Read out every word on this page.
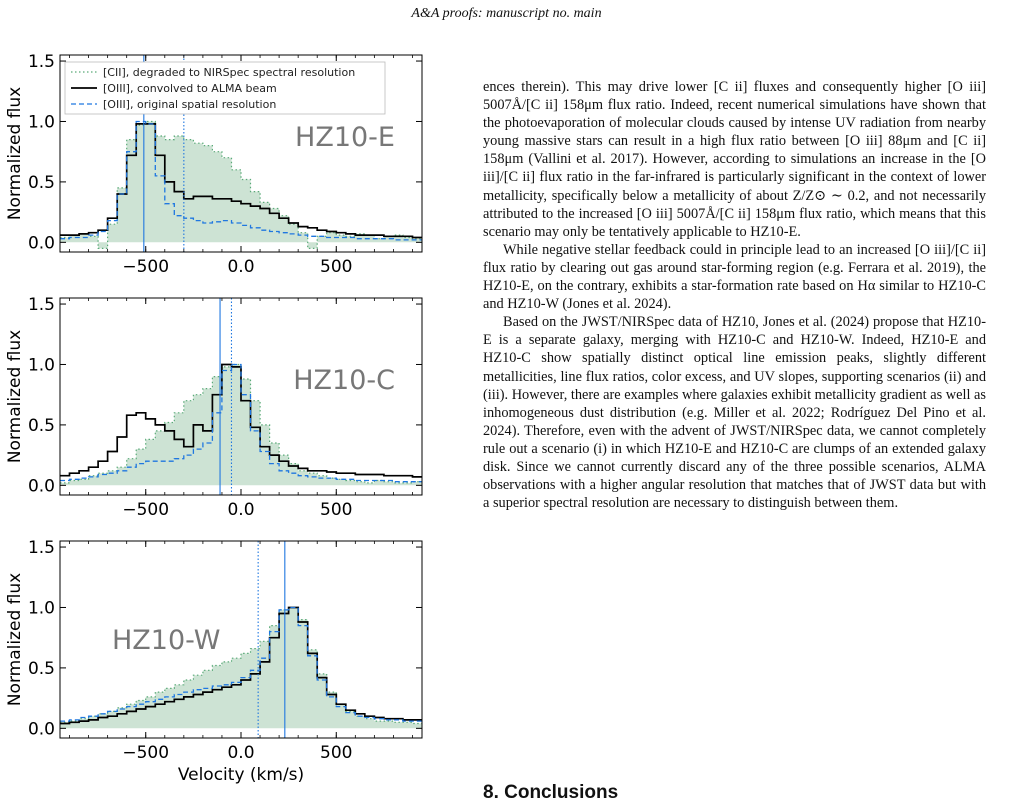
A&A proofs: manuscript no. main
0.0
0.5
1.0
1.5
−500	0.0	500
Normalized flux	HZ10-E
0.0
0.5
1.0
1.5
−500	0.0	500
Normalized flux	HZ10-C
0.0
0.5
1.0
1.5
−500	0.0	500
Normalized flux	HZ10-W
Velocity (km/s)
[CII], degraded to NIRSpec spectral resolution
[OIII], convolved to ALMA beam
[OIII], original spatial resolution

ences therein). This may drive lower [C ii] fluxes and consequently higher [O iii] 5007Å/[C ii] 158μm flux ratio. Indeed, recent numerical simulations have shown that the photoevaporation of molecular clouds caused by intense UV radiation from nearby young massive stars can result in a high flux ratio between [O iii] 88μm and [C ii] 158μm (Vallini et al. 2017). However, according to simulations an increase in the [O iii]/[C ii] flux ratio in the far-infrared is particularly significant in the context of lower metallicity, specifically below a metallicity of about Z/Z⊙ ∼ 0.2, and not necessarily attributed to the increased [O iii] 5007Å/[C ii] 158μm flux ratio, which means that this scenario may only be tentatively applicable to HZ10-E.

While negative stellar feedback could in principle lead to an increased [O iii]/[C ii] flux ratio by clearing out gas around star-forming region (e.g. Ferrara et al. 2019), the HZ10-E, on the contrary, exhibits a star-formation rate based on Hα similar to HZ10-C and HZ10-W (Jones et al. 2024).

Based on the JWST/NIRSpec data of HZ10, Jones et al. (2024) propose that HZ10-E is a separate galaxy, merging with HZ10-C and HZ10-W. Indeed, HZ10-E and HZ10-C show spatially distinct optical line emission peaks, slightly different metallicities, line flux ratios, color excess, and UV slopes, supporting scenarios (ii) and (iii). However, there are examples where galaxies exhibit metallicity gradient as well as inhomogeneous dust distribution (e.g. Miller et al. 2022; Rodríguez Del Pino et al. 2024). Therefore, even with the advent of JWST/NIRSpec data, we cannot completely rule out a scenario (i) in which HZ10-E and HZ10-C are clumps of an extended galaxy disk. Since we cannot currently discard any of the three possible scenarios, ALMA observations with a higher angular resolution that matches that of JWST data but with a superior spectral resolution are necessary to distinguish between them.

8. Conclusions
